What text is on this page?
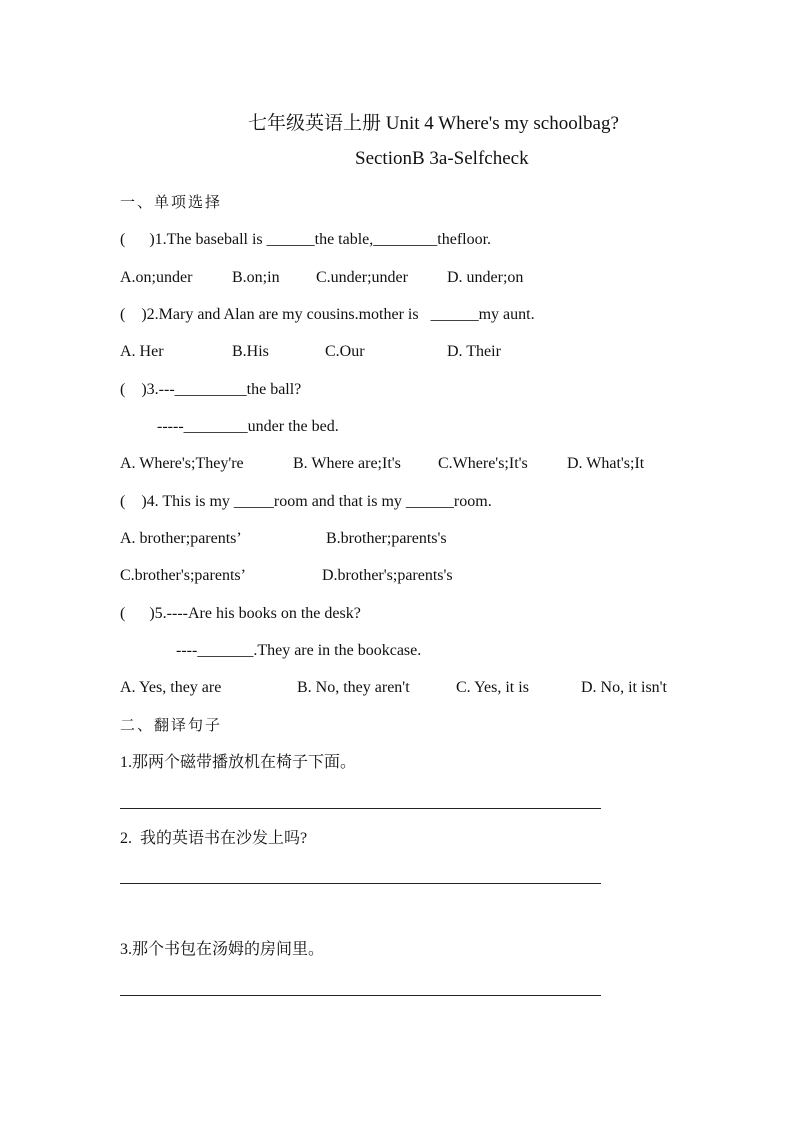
七年级英语上册 Unit 4 Where's my schoolbag?
SectionB 3a-Selfcheck
一、单项选择
(      )1.The baseball is ______the table,________thefloor.
A.on;under B.on;in C.under;under D. under;on
(    )2.Mary and Alan are my cousins.mother is   ______my aunt.
A. Her	B.His	C.Our	D. Their
(    )3.---_________the ball?
-----________under the bed.
A. Where's;They're	B. Where are;It's C.Where's;It's D. What's;It
(    )4. This is my _____room and that is my ______room.
A. brother;parents’	B.brother;parents's
C.brother's;parents’	D.brother's;parents's
(      )5.----Are his books on the desk?
----_______.They are in the bookcase.
A. Yes, they are	B. No, they aren't	C. Yes, it is	D. No, it isn't
二、翻译句子
1.那两个磁带播放机在椅子下面。
2.  我的英语书在沙发上吗?
3.那个书包在汤姆的房间里。
